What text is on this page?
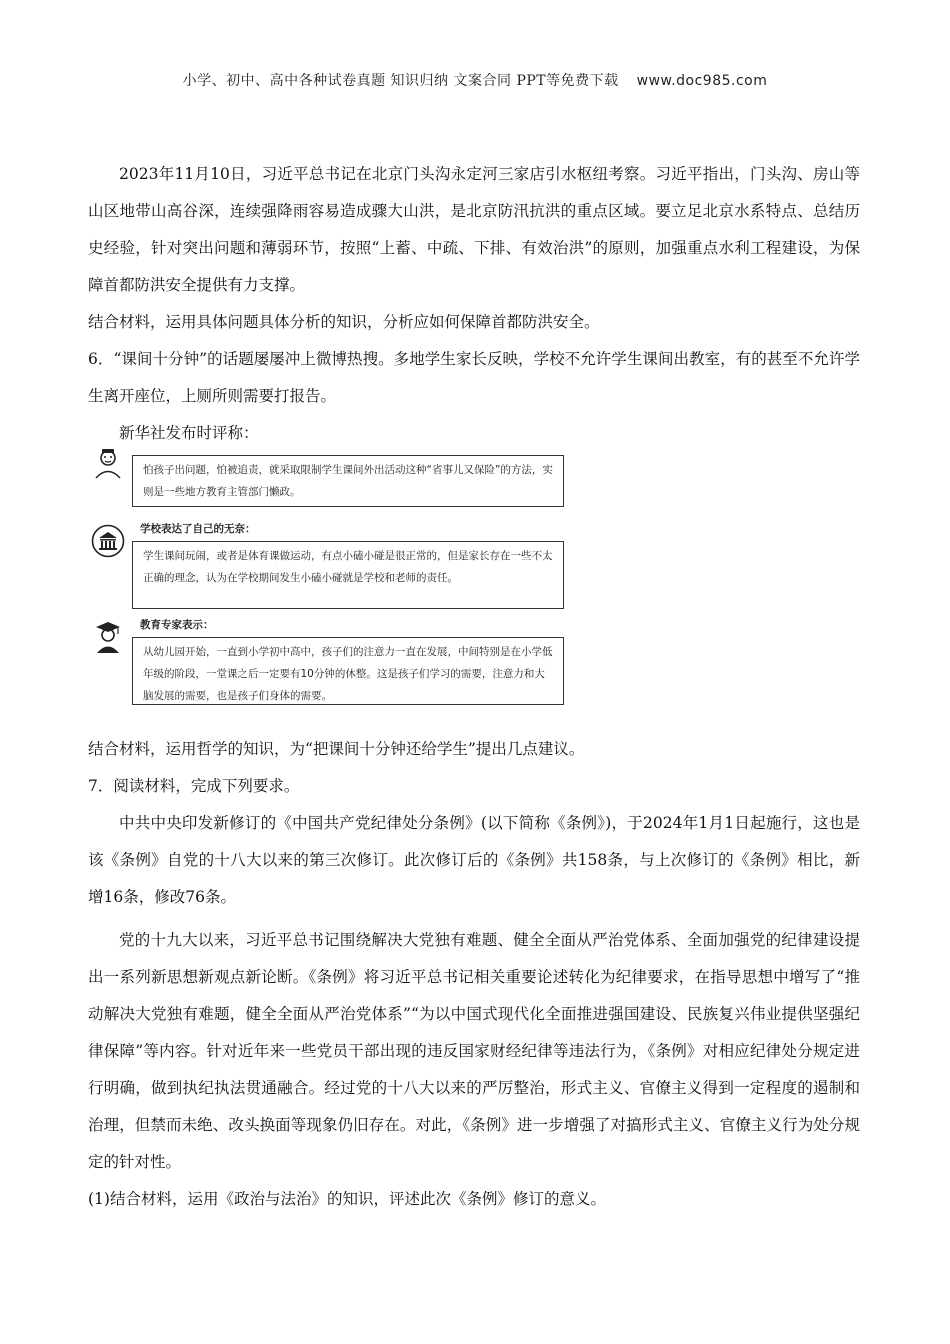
小学、初中、高中各种试卷真题 知识归纳 文案合同 PPT等免费下载 www.doc985.com

2023年11月10日，习近平总书记在北京门头沟永定河三家店引水枢纽考察。习近平指出，门头沟、房山等山区地带山高谷深，连续强降雨容易造成骤大山洪，是北京防汛抗洪的重点区域。要立足北京水系特点、总结历史经验，针对突出问题和薄弱环节，按照“上蓄、中疏、下排、有效治洪”的原则，加强重点水利工程建设，为保障首都防洪安全提供有力支撑。

结合材料，运用具体问题具体分析的知识，分析应如何保障首都防洪安全。

6．“课间十分钟”的话题屡屡冲上微博热搜。多地学生家长反映，学校不允许学生课间出教室，有的甚至不允许学生离开座位，上厕所则需要打报告。

新华社发布时评称：

怕孩子出问题，怕被追责，就采取限制学生课间外出活动这种“省事儿又保险”的方法，实则是一些地方教育主管部门懒政。
学校表达了自己的无奈：
学生课间玩闹，或者是体育课做运动，有点小磕小碰是很正常的，但是家长存在一些不太正确的理念，认为在学校期间发生小磕小碰就是学校和老师的责任。
教育专家表示：
从幼儿园开始，一直到小学初中高中，孩子们的注意力一直在发展，中间特别是在小学低年级的阶段，一堂课之后一定要有10分钟的休整。这是孩子们学习的需要，注意力和大脑发展的需要，也是孩子们身体的需要。

结合材料，运用哲学的知识，为“把课间十分钟还给学生”提出几点建议。

7．阅读材料，完成下列要求。

中共中央印发新修订的《中国共产党纪律处分条例》(以下简称《条例》)，于2024年1月1日起施行，这也是该《条例》自党的十八大以来的第三次修订。此次修订后的《条例》共158条，与上次修订的《条例》相比，新增16条，修改76条。

党的十九大以来，习近平总书记围绕解决大党独有难题、健全全面从严治党体系、全面加强党的纪律建设提出一系列新思想新观点新论断。《条例》将习近平总书记相关重要论述转化为纪律要求，在指导思想中增写了“推动解决大党独有难题，健全全面从严治党体系”“为以中国式现代化全面推进强国建设、民族复兴伟业提供坚强纪律保障”等内容。针对近年来一些党员干部出现的违反国家财经纪律等违法行为，《条例》对相应纪律处分规定进行明确，做到执纪执法贯通融合。经过党的十八大以来的严厉整治，形式主义、官僚主义得到一定程度的遏制和治理，但禁而未绝、改头换面等现象仍旧存在。对此，《条例》进一步增强了对搞形式主义、官僚主义行为处分规定的针对性。

(1)结合材料，运用《政治与法治》的知识，评述此次《条例》修订的意义。
